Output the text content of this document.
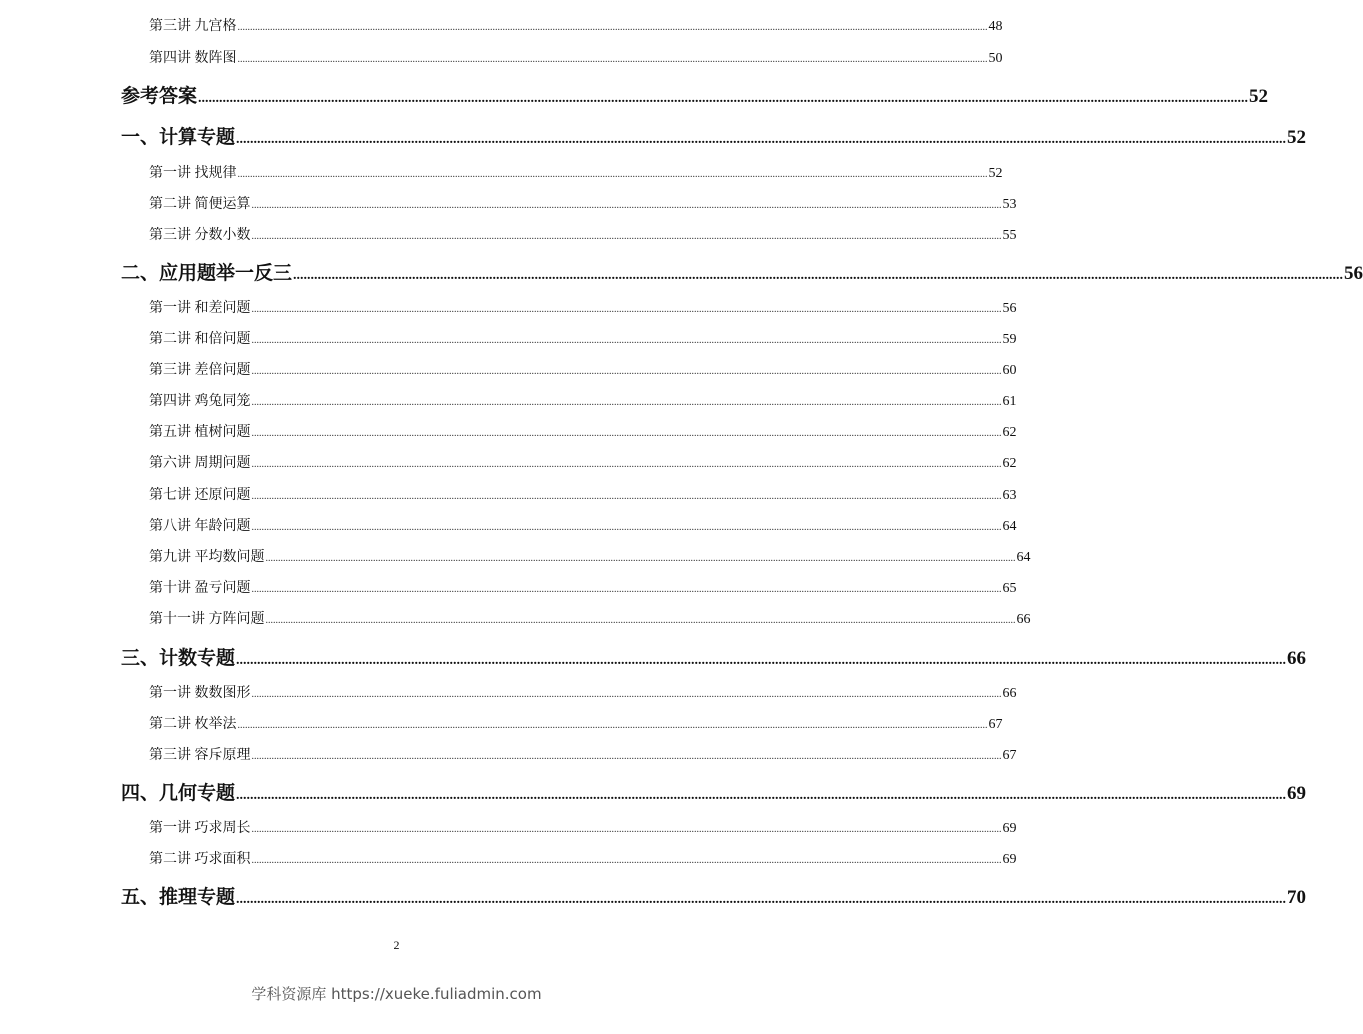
第三讲 九宫格 ............................................................................................................................................................................................................................................................................................................ 48
第四讲 数阵图 ............................................................................................................................................................................................................................................................................................................ 50
参考答案 ............................................................................................................................................................................................................................................................................................................ 52
一、计算专题 ............................................................................................................................................................................................................................................................................................................ 52
第一讲 找规律 ............................................................................................................................................................................................................................................................................................................ 52
第二讲 简便运算 ............................................................................................................................................................................................................................................................................................................ 53
第三讲 分数小数 ............................................................................................................................................................................................................................................................................................................ 55
二、应用题举一反三 ............................................................................................................................................................................................................................................................................................................ 56
第一讲 和差问题 ............................................................................................................................................................................................................................................................................................................ 56
第二讲 和倍问题 ............................................................................................................................................................................................................................................................................................................ 59
第三讲 差倍问题 ............................................................................................................................................................................................................................................................................................................ 60
第四讲 鸡兔同笼 ............................................................................................................................................................................................................................................................................................................ 61
第五讲 植树问题 ............................................................................................................................................................................................................................................................................................................ 62
第六讲 周期问题 ............................................................................................................................................................................................................................................................................................................ 62
第七讲 还原问题 ............................................................................................................................................................................................................................................................................................................ 63
第八讲 年龄问题 ............................................................................................................................................................................................................................................................................................................ 64
第九讲 平均数问题 ............................................................................................................................................................................................................................................................................................................ 64
第十讲 盈亏问题 ............................................................................................................................................................................................................................................................................................................ 65
第十一讲 方阵问题 ............................................................................................................................................................................................................................................................................................................ 66
三、计数专题 ............................................................................................................................................................................................................................................................................................................ 66
第一讲 数数图形 ............................................................................................................................................................................................................................................................................................................ 66
第二讲 枚举法 ............................................................................................................................................................................................................................................................................................................ 67
第三讲 容斥原理 ............................................................................................................................................................................................................................................................................................................ 67
四、几何专题 ............................................................................................................................................................................................................................................................................................................ 69
第一讲 巧求周长 ............................................................................................................................................................................................................................................................................................................ 69
第二讲 巧求面积 ............................................................................................................................................................................................................................................................................................................ 69
五、推理专题 ............................................................................................................................................................................................................................................................................................................ 70
2
学科资源库 https://xueke.fuliadmin.com
